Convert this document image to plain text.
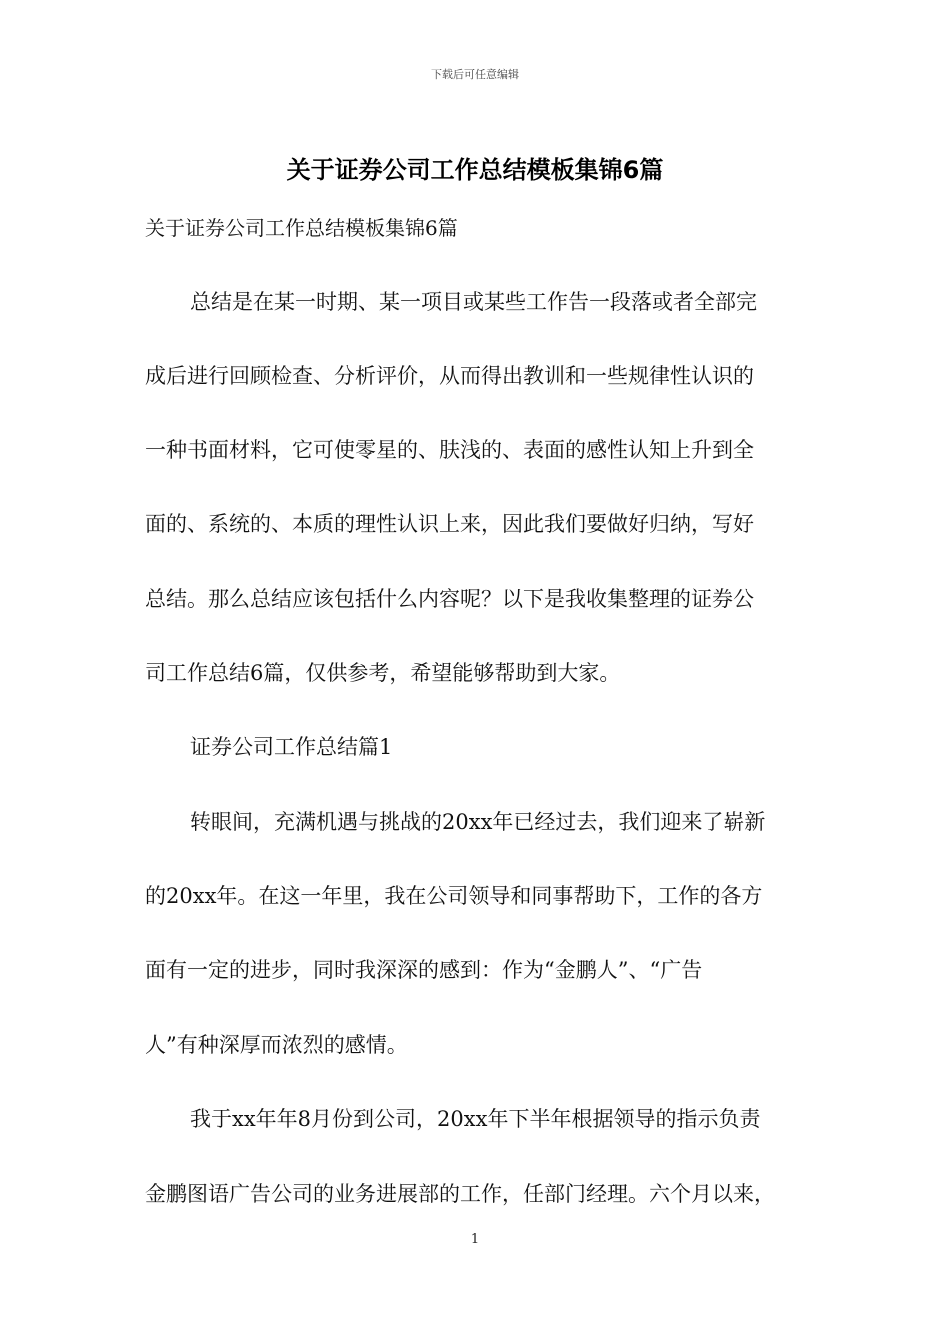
下载后可任意编辑
关于证券公司工作总结模板集锦6篇
关于证券公司工作总结模板集锦6篇
总结是在某一时期、某一项目或某些工作告一段落或者全部完
成后进行回顾检查、分析评价，从而得出教训和一些规律性认识的
一种书面材料，它可使零星的、肤浅的、表面的感性认知上升到全
面的、系统的、本质的理性认识上来，因此我们要做好归纳，写好
总结。那么总结应该包括什么内容呢？以下是我收集整理的证券公
司工作总结6篇，仅供参考，希望能够帮助到大家。
证券公司工作总结篇1
转眼间，充满机遇与挑战的20xx年已经过去，我们迎来了崭新
的20xx年。在这一年里，我在公司领导和同事帮助下，工作的各方
面有一定的进步，同时我深深的感到：作为“金鹏人”、“广告
人”有种深厚而浓烈的感情。
我于xx年年8月份到公司，20xx年下半年根据领导的指示负责
金鹏图语广告公司的业务进展部的工作，任部门经理。六个月以来，
1
